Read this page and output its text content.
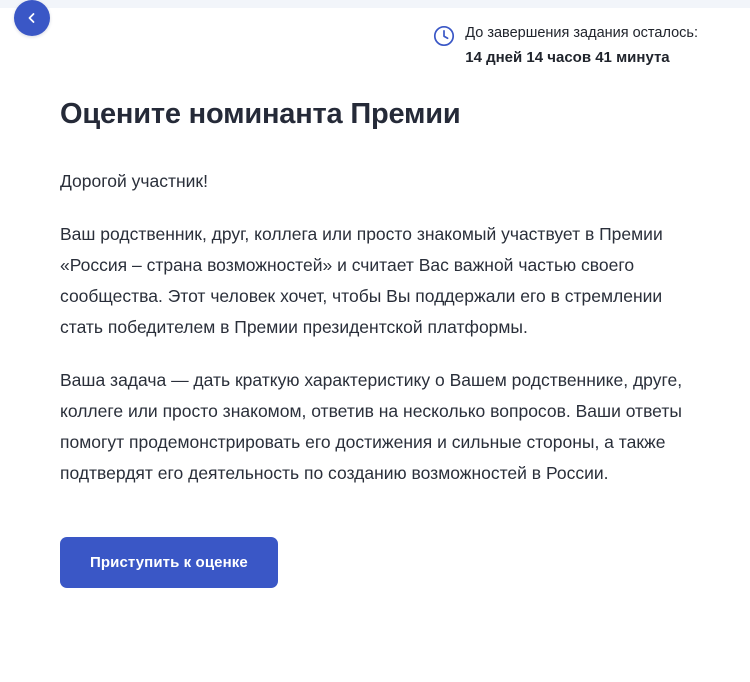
До завершения задания осталось:
14 дней 14 часов 41 минута
Оцените номинанта Премии

Дорогой участник!

Ваш родственник, друг, коллега или просто знакомый участвует в Премии «Россия – страна возможностей» и считает Вас важной частью своего сообщества. Этот человек хочет, чтобы Вы поддержали его в стремлении стать победителем в Премии президентской платформы.

Ваша задача — дать краткую характеристику о Вашем родственнике, друге, коллеге или просто знакомом, ответив на несколько вопросов. Ваши ответы помогут продемонстрировать его достижения и сильные стороны, а также подтвердят его деятельность по созданию возможностей в России.

Приступить к оценке
